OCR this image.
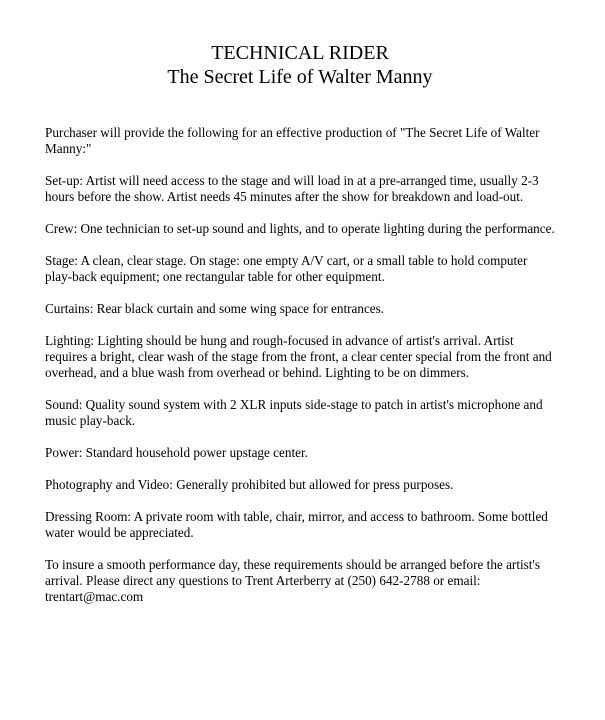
TECHNICAL RIDER
The Secret Life of Walter Manny

Purchaser will provide the following for an effective production of "The Secret Life of Walter Manny:"

Set-up: Artist will need access to the stage and will load in at a pre-arranged time, usually 2-3 hours before the show. Artist needs 45 minutes after the show for breakdown and load-out.

Crew: One technician to set-up sound and lights, and to operate lighting during the performance.

Stage: A clean, clear stage. On stage: one empty A/V cart, or a small table to hold computer play-back equipment; one rectangular table for other equipment.

Curtains: Rear black curtain and some wing space for entrances.

Lighting: Lighting should be hung and rough-focused in advance of artist's arrival. Artist requires a bright, clear wash of the stage from the front, a clear center special from the front and overhead, and a blue wash from overhead or behind. Lighting to be on dimmers.

Sound: Quality sound system with 2 XLR inputs side-stage to patch in artist's microphone and music play-back.

Power: Standard household power upstage center.

Photography and Video: Generally prohibited but allowed for press purposes.

Dressing Room: A private room with table, chair, mirror, and access to bathroom. Some bottled water would be appreciated.

To insure a smooth performance day, these requirements should be arranged before the artist's arrival. Please direct any questions to Trent Arterberry at (250) 642-2788 or email: trentart@mac.com
